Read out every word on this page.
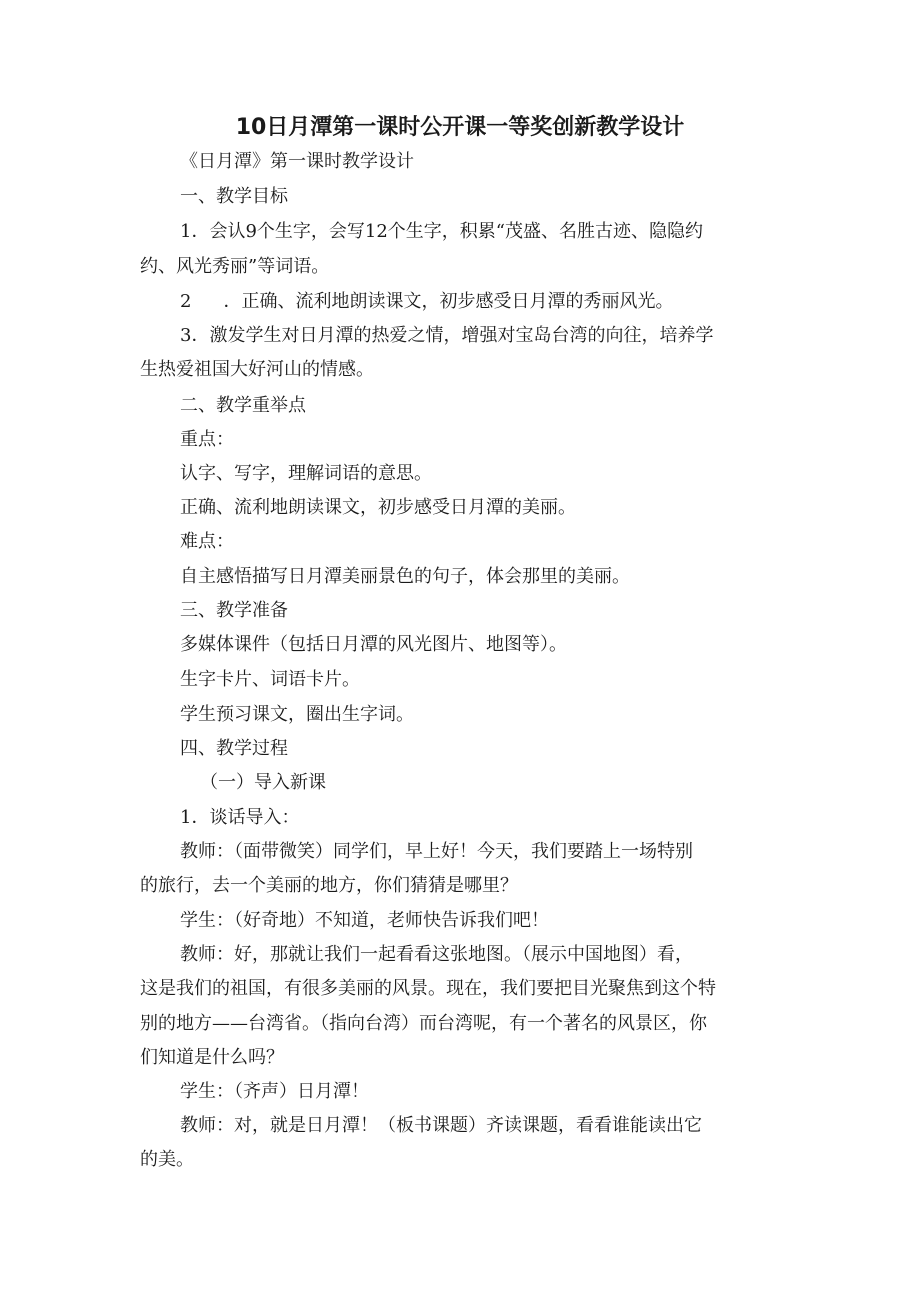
10日月潭第一课时公开课一等奖创新教学设计
《日月潭》第一课时教学设计
一、教学目标
1．会认9个生字，会写12个生字，积累“茂盛、名胜古迹、隐隐约
约、风光秀丽”等词语。
2 ．正确、流利地朗读课文，初步感受日月潭的秀丽风光。
3．激发学生对日月潭的热爱之情，增强对宝岛台湾的向往，培养学
生热爱祖国大好河山的情感。
二、教学重举点
重点：
认字、写字，理解词语的意思。
正确、流利地朗读课文，初步感受日月潭的美丽。
难点：
自主感悟描写日月潭美丽景色的句子，体会那里的美丽。
三、教学准备
多媒体课件（包括日月潭的风光图片、地图等）。
生字卡片、词语卡片。
学生预习课文，圈出生字词。
四、教学过程
（一）导入新课
1．谈话导入：
教师：（面带微笑）同学们，早上好！今天，我们要踏上一场特别
的旅行，去一个美丽的地方，你们猜猜是哪里？
学生：（好奇地）不知道，老师快告诉我们吧！
教师：好，那就让我们一起看看这张地图。（展示中国地图）看，
这是我们的祖国，有很多美丽的风景。现在，我们要把目光聚焦到这个特
别的地方——台湾省。（指向台湾）而台湾呢，有一个著名的风景区，你
们知道是什么吗？
学生：（齐声）日月潭！
教师：对，就是日月潭！（板书课题）齐读课题，看看谁能读出它
的美。
